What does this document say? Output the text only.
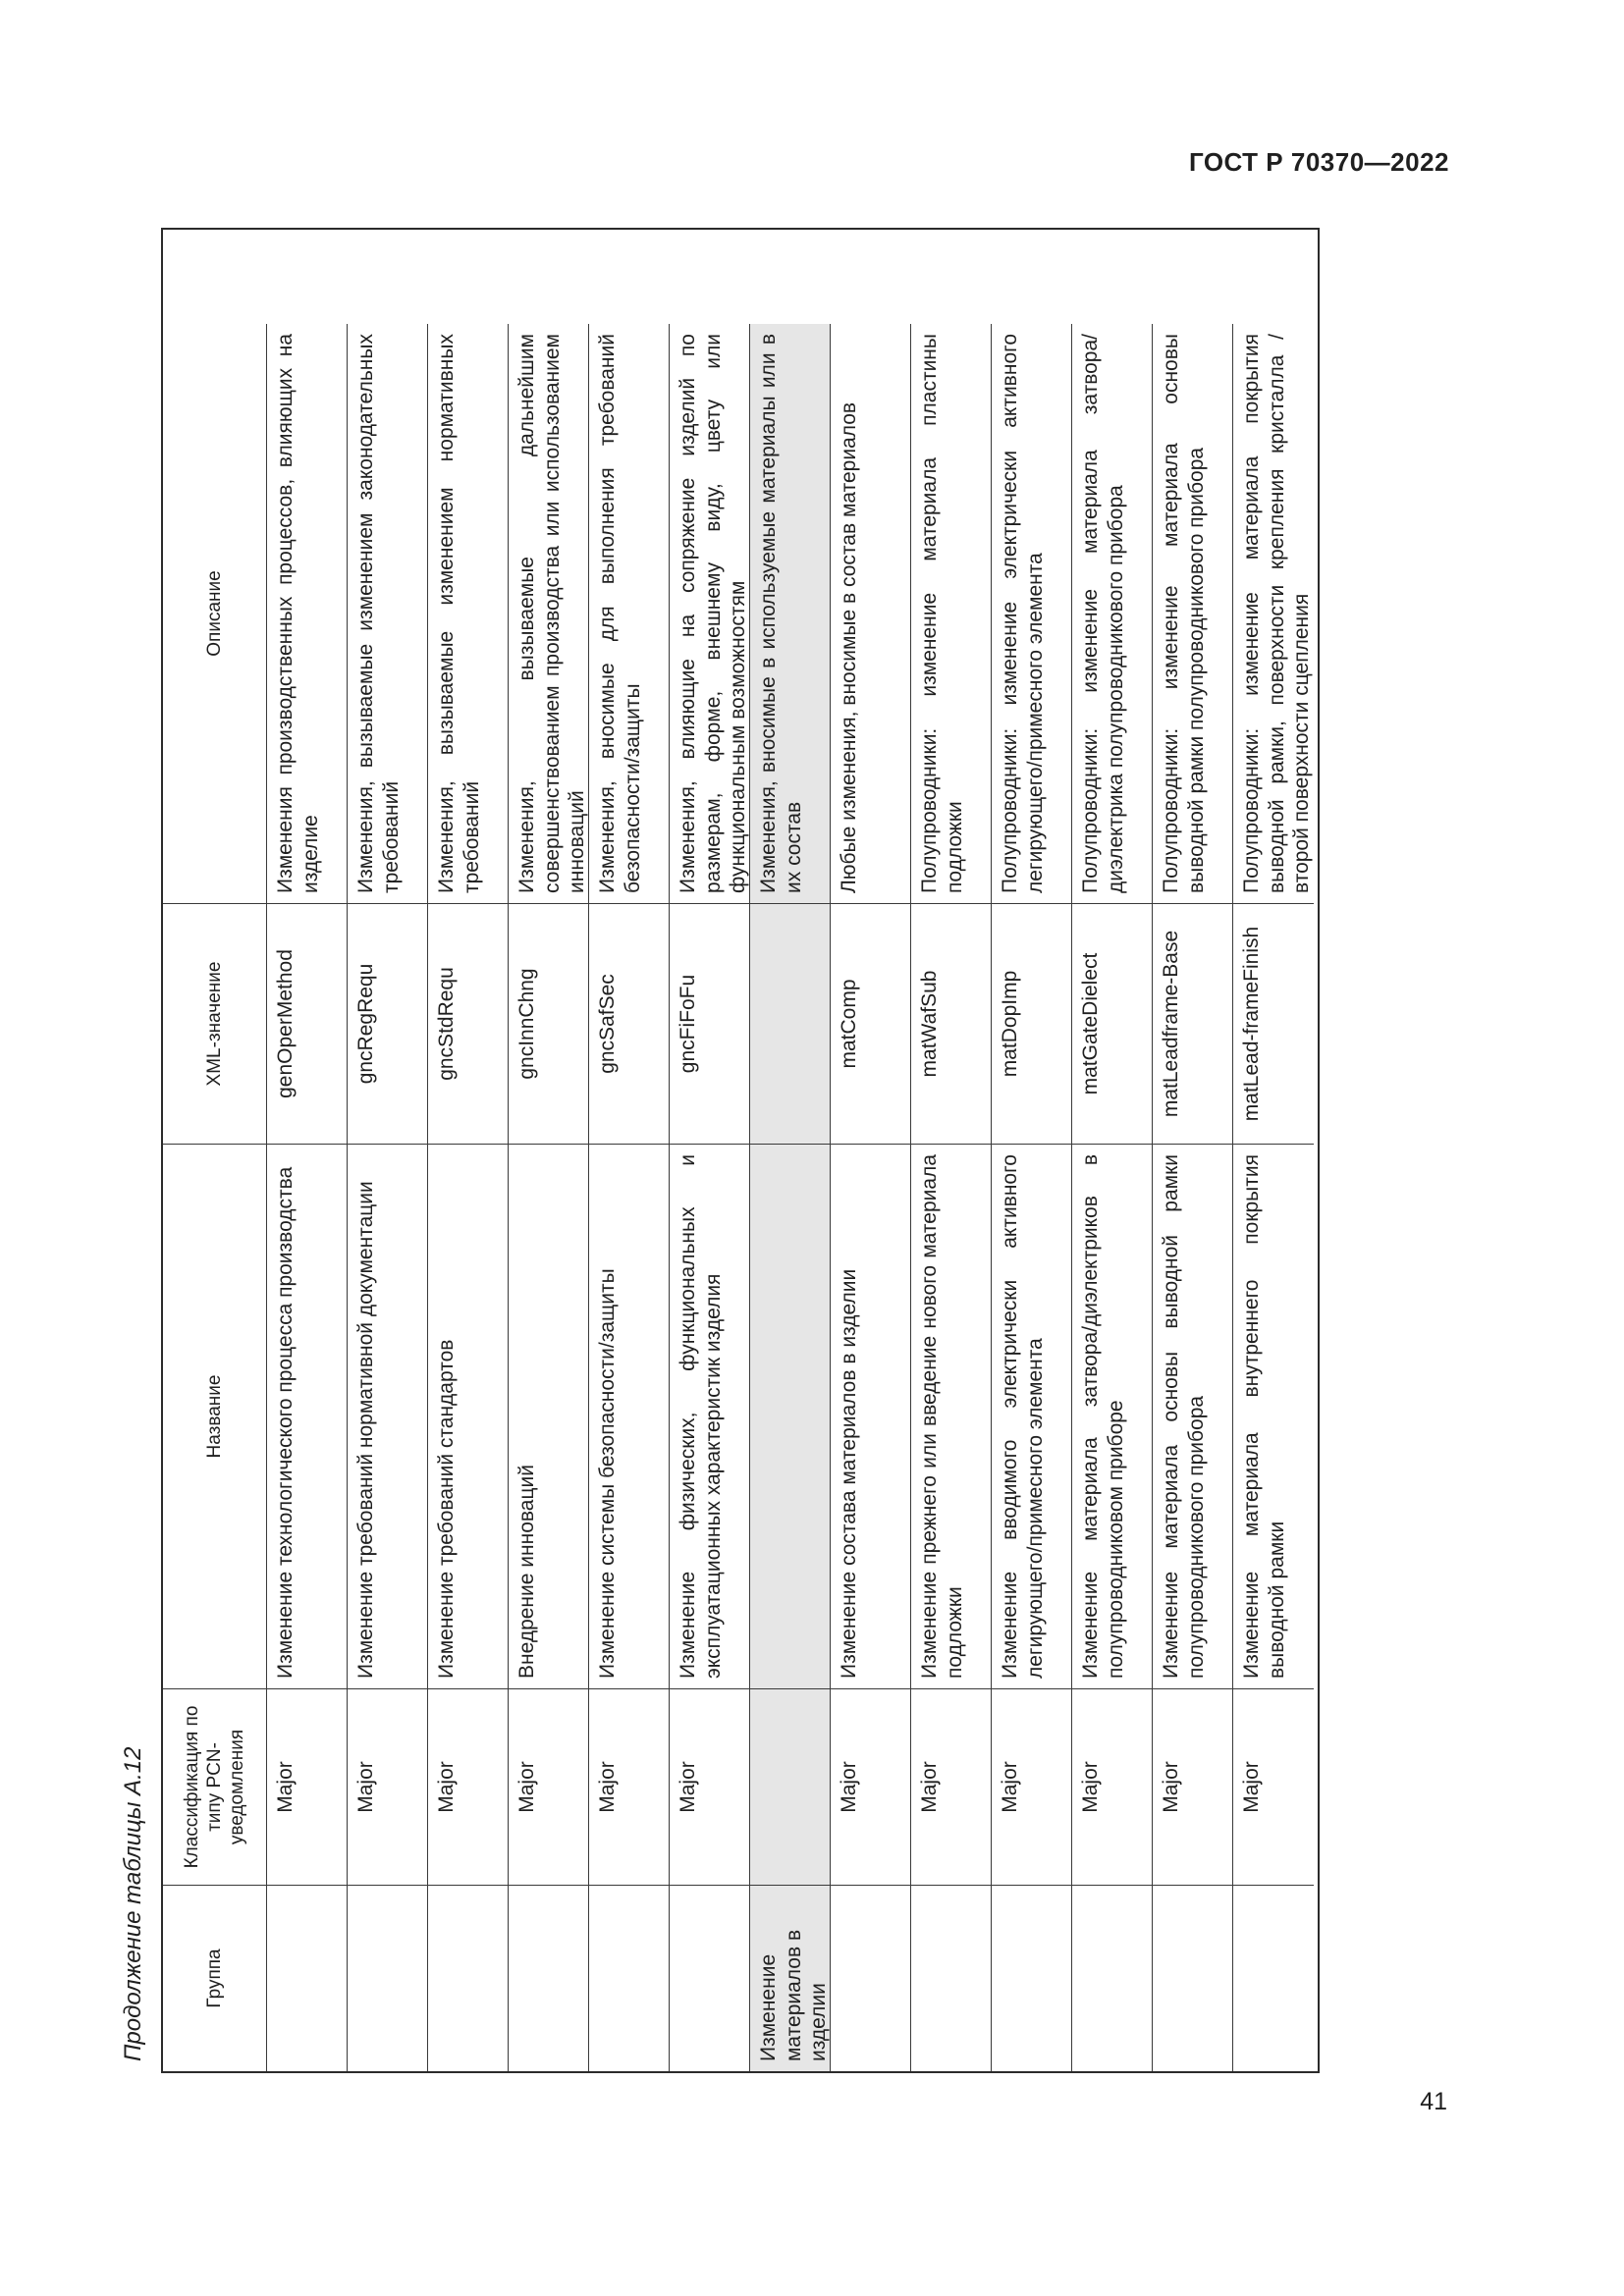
ГОСТ Р 70370—2022
Продолжение таблицы А.12	Группа
Классификация по типу PCN-уведомления
Название
XML-значение
Описание
Major
Изменение технологического процесса производства
genOperMethod
Изменения производственных процессов, влияющих на изделие
Major
Изменение требований нормативной документации
gncRegRequ
Изменения, вызываемые изменением законодательных требований
Major
Изменение требований стандартов
gncStdRequ
Изменения, вызываемые изменением нормативных требований
Major
Внедрение инноваций
gncInnChng
Изменения, вызываемые дальнейшим совершенствованием производства или использованием инноваций
Major
Изменение системы безопасности/защиты
gncSafSec
Изменения, вносимые для выполнения требований безопасности/защиты
Major
Изменение физических, функциональных и эксплуатационных характеристик изделия
gncFiFoFu
Изменения, влияющие на сопряжение изделий по размерам, форме, внешнему виду, цвету или функциональным возможностям
Изменение материалов в изделии
Изменения, вносимые в используемые материалы или в их состав
Major
Изменение состава материалов в изделии
matComp
Любые изменения, вносимые в состав материалов
Major
Изменение прежнего или введение нового материала подложки
matWafSub
Полупроводники: изменение материала пластины подложки
Major
Изменение вводимого электрически активного легирующего/примесного элемента
matDopImp
Полупроводники: изменение электрически активного легирующего/примесного элемента
Major
Изменение материала затвора/диэлектриков в полупроводниковом приборе
matGateDielect
Полупроводники: изменение материала затвора/диэлектрика полупроводникового прибора
Major
Изменение материала основы выводной рамки полупроводникового прибора
matLeadframe-Base
Полупроводники: изменение материала основы выводной рамки полупроводникового прибора
Major
Изменение материала внутреннего покрытия выводной рамки
matLead-frameFinish
Полупроводники: изменение материала покрытия выводной рамки, поверхности крепления кристалла /второй поверхности сцепления
41
